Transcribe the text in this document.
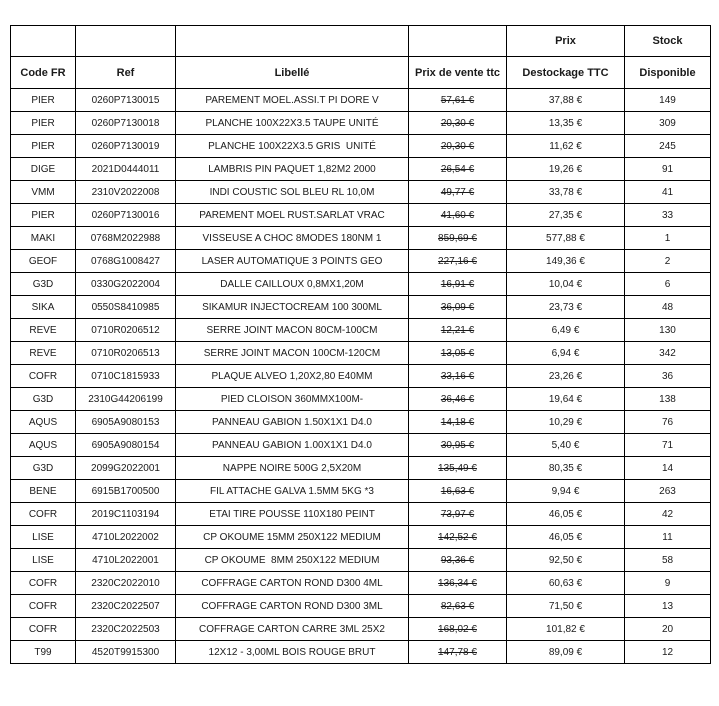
				Prix	Stock
Code FR	Ref	Libellé	Prix de vente ttc	Destockage TTC	Disponible
PIER	0260P7130015	PAREMENT MOEL.ASSI.T PI DORE V	57,61 €	37,88 €	149
PIER	0260P7130018	PLANCHE 100X22X3.5 TAUPE UNITÉ	20,30 €	13,35 €	309
PIER	0260P7130019	PLANCHE 100X22X3.5 GRIS  UNITÉ	20,30 €	11,62 €	245
DIGE	2021D0444011	LAMBRIS PIN PAQUET 1,82M2 2000	26,54 €	19,26 €	91
VMM	2310V2022008	INDI COUSTIC SOL BLEU RL 10,0M	49,77 €	33,78 €	41
PIER	0260P7130016	PAREMENT MOEL RUST.SARLAT VRAC	41,60 €	27,35 €	33
MAKI	0768M2022988	VISSEUSE A CHOC 8MODES 180NM 1	859,69 €	577,88 €	1
GEOF	0768G1008427	LASER AUTOMATIQUE 3 POINTS GEO	227,16 €	149,36 €	2
G3D	0330G2022004	DALLE CAILLOUX 0,8MX1,20M	16,91 €	10,04 €	6
SIKA	0550S8410985	SIKAMUR INJECTOCREAM 100 300ML	36,09 €	23,73 €	48
REVE	0710R0206512	SERRE JOINT MACON 80CM-100CM	12,21 €	6,49 €	130
REVE	0710R0206513	SERRE JOINT MACON 100CM-120CM	13,05 €	6,94 €	342
COFR	0710C1815933	PLAQUE ALVEO 1,20X2,80 E40MM	33,16 €	23,26 €	36
G3D	2310G44206199	PIED CLOISON 360MMX100M-	36,46 €	19,64 €	138
AQUS	6905A9080153	PANNEAU GABION 1.50X1X1 D4.0	14,18 €	10,29 €	76
AQUS	6905A9080154	PANNEAU GABION 1.00X1X1 D4.0	30,95 €	5,40 €	71
G3D	2099G2022001	NAPPE NOIRE 500G 2,5X20M	135,49 €	80,35 €	14
BENE	6915B1700500	FIL ATTACHE GALVA 1.5MM 5KG *3	16,63 €	9,94 €	263
COFR	2019C1103194	ETAI TIRE POUSSE 110X180 PEINT	73,97 €	46,05 €	42
LISE	4710L2022002	CP OKOUME 15MM 250X122 MEDIUM	142,52 €	46,05 €	11
LISE	4710L2022001	CP OKOUME  8MM 250X122 MEDIUM	93,36 €	92,50 €	58
COFR	2320C2022010	COFFRAGE CARTON ROND D300 4ML	136,34 €	60,63 €	9
COFR	2320C2022507	COFFRAGE CARTON ROND D300 3ML	82,63 €	71,50 €	13
COFR	2320C2022503	COFFRAGE CARTON CARRE 3ML 25X2	168,02 €	101,82 €	20
T99	4520T9915300	12X12 - 3,00ML BOIS ROUGE BRUT	147,78 €	89,09 €	12
